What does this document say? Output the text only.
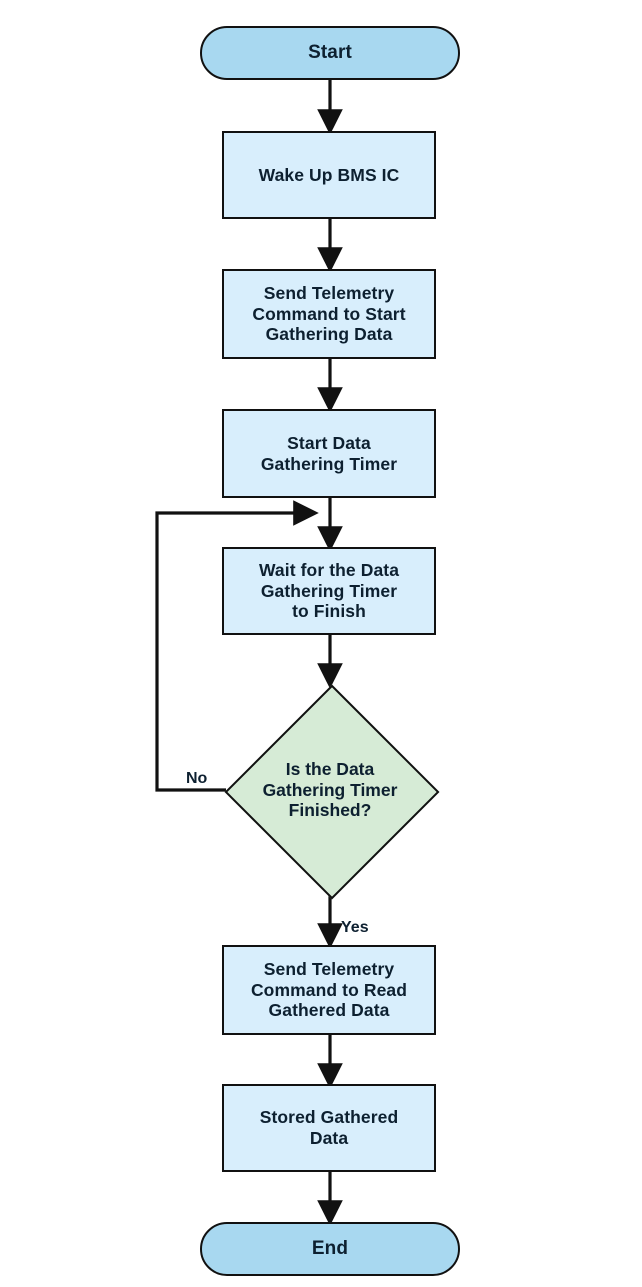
Start
Wake Up BMS IC
Send Telemetry
Command to Start
Gathering Data
Start Data
Gathering Timer
Wait for the Data
Gathering Timer
to Finish
Is the Data
Gathering Timer
Finished?
No
Yes
Send Telemetry
Command to Read
Gathered Data
Stored Gathered
Data
End
